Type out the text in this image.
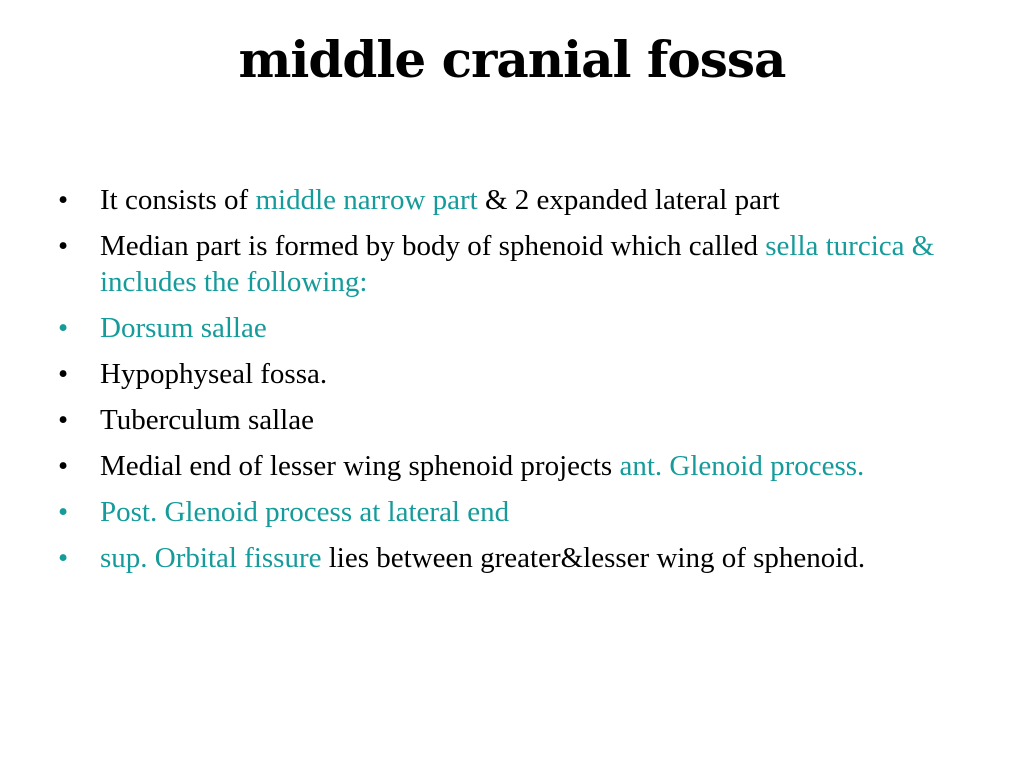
middle cranial fossa
•	It consists of middle narrow part & 2 expanded lateral part
•	Median part is formed by body of sphenoid which called sella turcica & includes the following:
•	Dorsum sallae
•	Hypophyseal fossa.
•	Tuberculum sallae
•	Medial end of lesser wing sphenoid projects ant. Glenoid process.
•	Post. Glenoid process at lateral end
•	sup. Orbital fissure lies between greater&lesser wing of sphenoid.
